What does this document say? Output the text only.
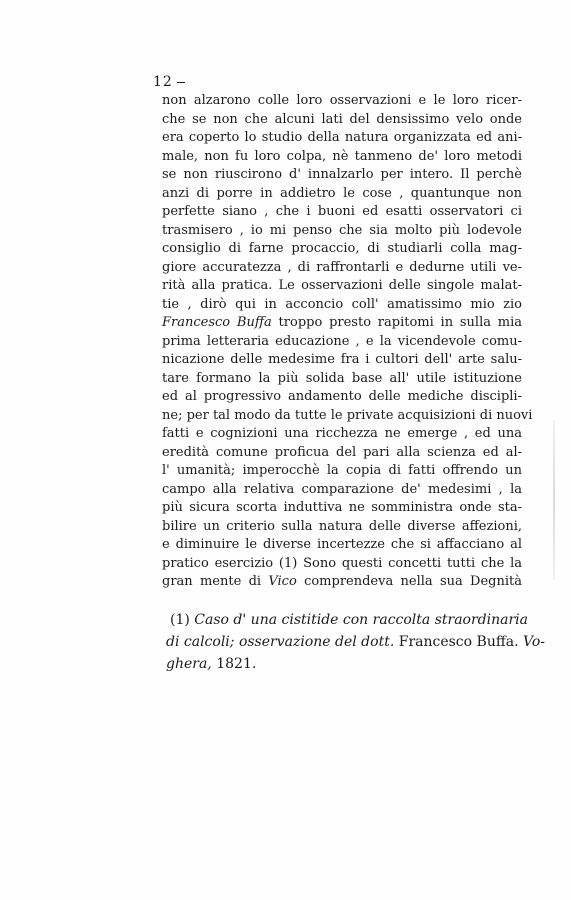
12
non alzarono colle loro osservazioni e le loro ricer-
che se non che alcuni lati del densissimo velo onde
era coperto lo studio della natura organizzata ed ani-
male, non fu loro colpa, nè tanmeno de' loro metodi
se non riuscirono d' innalzarlo per intero. Il perchè
anzi di porre in addietro le cose , quantunque non
perfette siano , che i buoni ed esatti osservatori ci
trasmisero , io mi penso che sia molto più lodevole
consiglio di farne procaccio, di studiarli colla mag-
giore accuratezza , di raffrontarli e dedurne utili ve-
rità alla pratica. Le osservazioni delle singole malat-
tie , dirò qui in acconcio coll' amatissimo mio zio
Francesco Buffa troppo presto rapitomi in sulla mia
prima letteraria educazione , e la vicendevole comu-
nicazione delle medesime fra i cultori dell' arte salu-
tare formano la più solida base all' utile istituzione
ed al progressivo andamento delle mediche discipli-
ne; per tal modo da tutte le private acquisizioni di nuovi
fatti e cognizioni una ricchezza ne emerge , ed una
eredità comune proficua del pari alla scienza ed al-
l' umanità; imperocchè la copia di fatti offrendo un
campo alla relativa comparazione de' medesimi , la
più sicura scorta induttiva ne somministra onde sta-
bilire un criterio sulla natura delle diverse affezioni,
e diminuire le diverse incertezze che si affacciano al
pratico esercizio (1) Sono questi concetti tutti che la
gran mente di Vico comprendeva nella sua Degnità
(1) Caso d' una cistitide con raccolta straordinaria
di calcoli; osservazione del dott. Francesco Buffa. Vo-
ghera, 1821.
